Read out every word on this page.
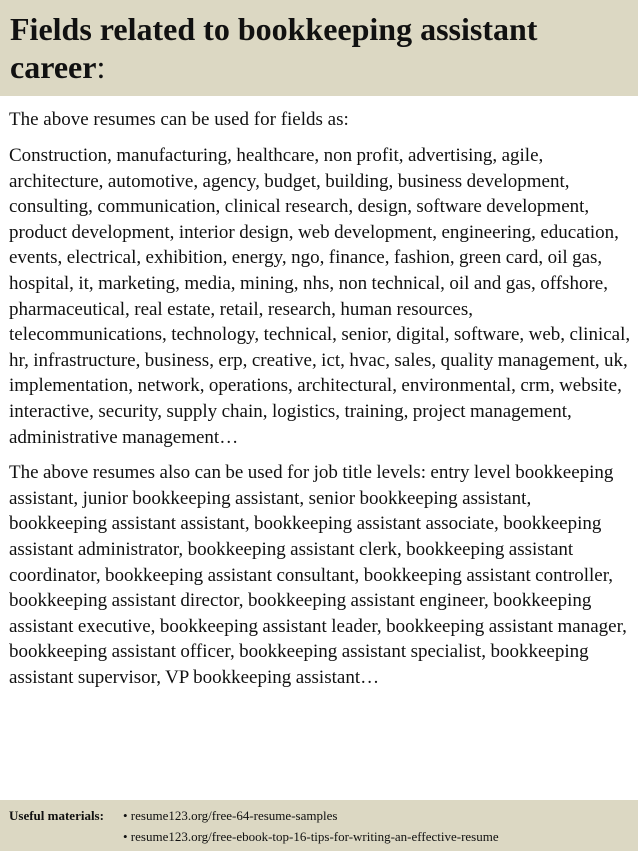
Fields related to bookkeeping assistant career:

The above resumes can be used for fields as:

Construction, manufacturing, healthcare, non profit, advertising, agile, architecture, automotive, agency, budget, building, business development, consulting, communication, clinical research, design, software development, product development, interior design, web development, engineering, education, events, electrical, exhibition, energy, ngo, finance, fashion, green card, oil gas, hospital, it, marketing, media, mining, nhs, non technical, oil and gas, offshore, pharmaceutical, real estate, retail, research, human resources, telecommunications, technology, technical, senior, digital, software, web, clinical, hr, infrastructure, business, erp, creative, ict, hvac, sales, quality management, uk, implementation, network, operations, architectural, environmental, crm, website, interactive, security, supply chain, logistics, training, project management, administrative management…

The above resumes also can be used for job title levels: entry level bookkeeping assistant, junior bookkeeping assistant, senior bookkeeping assistant, bookkeeping assistant assistant, bookkeeping assistant associate, bookkeeping assistant administrator, bookkeeping assistant clerk, bookkeeping assistant coordinator, bookkeeping assistant consultant, bookkeeping assistant controller, bookkeeping assistant director, bookkeeping assistant engineer, bookkeeping assistant executive, bookkeeping assistant leader, bookkeeping assistant manager, bookkeeping assistant officer, bookkeeping assistant specialist, bookkeeping assistant supervisor, VP bookkeeping assistant…

Useful materials: • resume123.org/free-64-resume-samples
• resume123.org/free-ebook-top-16-tips-for-writing-an-effective-resume
